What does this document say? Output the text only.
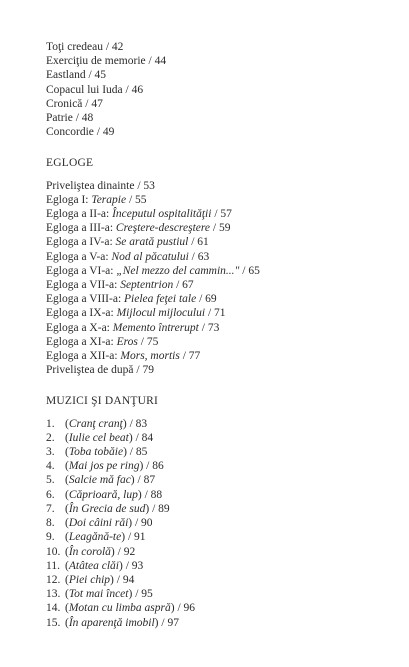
Toţi credeau / 42
Exerciţiu de memorie / 44
Eastland / 45
Copacul lui Iuda / 46
Cronică / 47
Patrie / 48
Concordie / 49
EGLOGE
Priveliştea dinainte / 53
Egloga I: Terapie / 55
Egloga a II-a: Începutul ospitalităţii / 57
Egloga a III-a: Creştere-descreştere / 59
Egloga a IV-a: Se arată pustiul / 61
Egloga a V-a: Nod al păcatului / 63
Egloga a VI-a: „Nel mezzo del cammin..." / 65
Egloga a VII-a: Septentrion / 67
Egloga a VIII-a: Pielea feţei tale / 69
Egloga a IX-a: Mijlocul mijlocului / 71
Egloga a X-a: Memento întrerupt / 73
Egloga a XI-a: Eros / 75
Egloga a XII-a: Mors, mortis / 77
Priveliştea de după / 79
MUZICI ŞI DANŢURI
1. (Cranţ cranţ) / 83
2. (Iulie cel beat) / 84
3. (Toba tobăie) / 85
4. (Mai jos pe ring) / 86
5. (Salcie mă fac) / 87
6. (Căprioară, lup) / 88
7. (În Grecia de sud) / 89
8. (Doi câini răi) / 90
9. (Leagănă-te) / 91
10. (În corolă) / 92
11. (Atâtea clăi) / 93
12. (Piei chip) / 94
13. (Tot mai încet) / 95
14. (Motan cu limba aspră) / 96
15. (În aparenţă imobil) / 97
